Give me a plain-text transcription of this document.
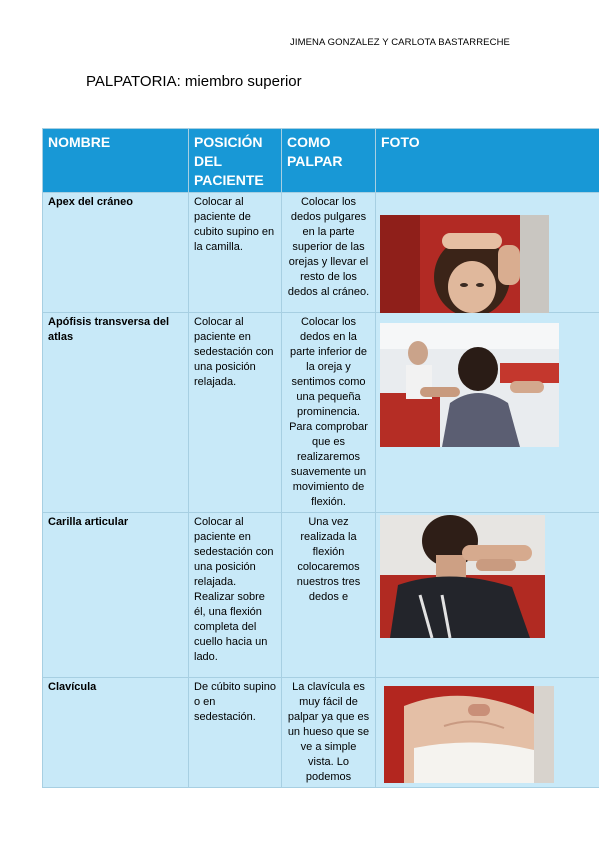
JIMENA GONZALEZ Y CARLOTA BASTARRECHE
PALPATORIA: miembro superior
NOMBRE	POSICIÓN DEL PACIENTE	COMO PALPAR	FOTO
Apex del cráneo	Colocar al paciente de cubito supino en la camilla.	Colocar los dedos pulgares en la parte superior de las orejas y llevar el resto de los dedos al cráneo.	

Apófisis transversa del atlas	Colocar al paciente en sedestación con una posición relajada.	Colocar los dedos en la parte inferior de la oreja y sentimos como una pequeña prominencia. Para comprobar que es realizaremos suavemente un movimiento de flexión.	

Carilla articular	Colocar al paciente en sedestación con una posición relajada. Realizar sobre él, una flexión completa del cuello hacia un lado.	Una vez realizada la flexión colocaremos nuestros tres dedos e	

Clavícula	De cúbito supino o en sedestación.	La clavícula es muy fácil de palpar ya que es un hueso que se ve a simple vista. Lo podemos	
